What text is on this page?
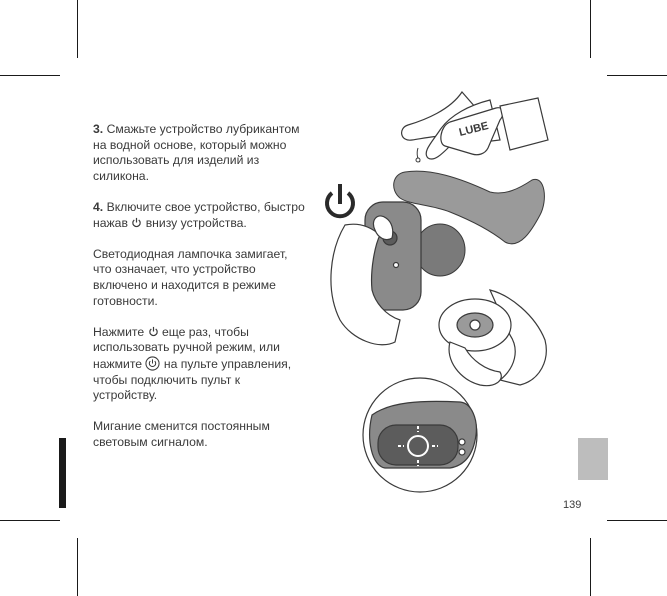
139

3. Смажьте устройство лубрикантом на водной основе, который можно использовать для изделий из силикона.

4. Включите свое устройство, быстро нажав внизу устройства.

Светодиодная лампочка замигает, что означает, что устройство включено и находится в режиме готовности.

Нажмите еще раз, чтобы использовать ручной режим, или нажмите на пульте управления, чтобы подключить пульт к устройству.

Мигание сменится постоянным световым сигналом.

LUBE
